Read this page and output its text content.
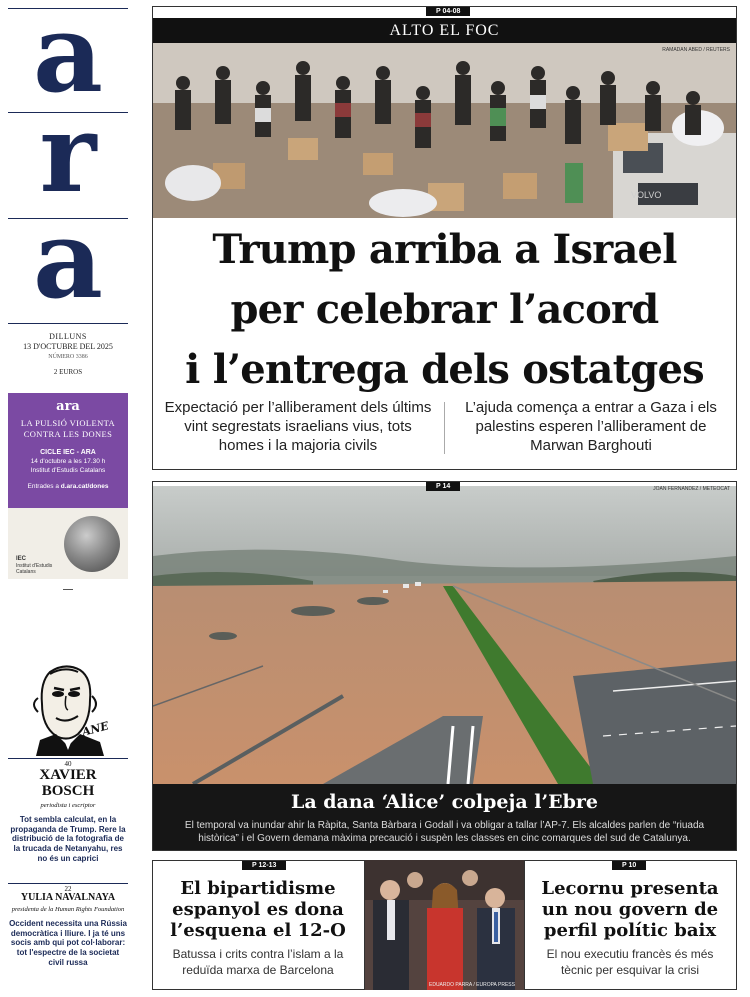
a
r
a
DILLUNS
13 D'OCTUBRE DEL 2025
NÚMERO 3386
2 EUROS
ara
LA PULSIÓ VIOLENTA
CONTRA LES DONES
CICLE IEC - ARA
14 d'octubre a les 17.30 h
Institut d'Estudis Catalans
Entrades a d.ara.cat/dones
IEC
Institut d'Estudis
Catalans
ANE
40
XAVIER
BOSCH
periodista i escriptor
Tot sembla calculat, en la propaganda de Trump. Rere la distribució de la fotografia de la trucada de Netanyahu, res no és un caprici
22
YULIA NAVALNAYA
presidenta de la Human Rights Foundation
Occident necessita una Rússia democràtica i lliure. I ja té uns socis amb qui pot col·laborar: tot l'espectre de la societat civil russa
P 04-08
ALTO EL FOC
VOLVO
RAMADAN ABED / REUTERS
Trump arriba a Israel
per celebrar l’acord
i l’entrega dels ostatges
Expectació per l’alliberament dels últims vint segrestats israelians vius, tots homes i la majoria civils
L’ajuda comença a entrar a Gaza i els palestins esperen l’alliberament de Marwan Barghouti
JOAN FERNANDEZ / METEOCAT
P 14
La dana ‘Alice’ colpeja l’Ebre
El temporal va inundar ahir la Ràpita, Santa Bàrbara i Godall i va obligar a tallar l’AP-7. Els alcaldes parlen de “riuada històrica” i el Govern demana màxima precaució i suspèn les classes en cinc comarques del sud de Catalunya.
P 12-13
El bipartidisme espanyol es dona l’esquena el 12-O
Batussa i crits contra l’islam a la reduïda marxa de Barcelona
EDUARDO PARRA / EUROPA PRESS
P 10
Lecornu presenta un nou govern de perfil polític baix
El nou executiu francès és més tècnic per esquivar la crisi
